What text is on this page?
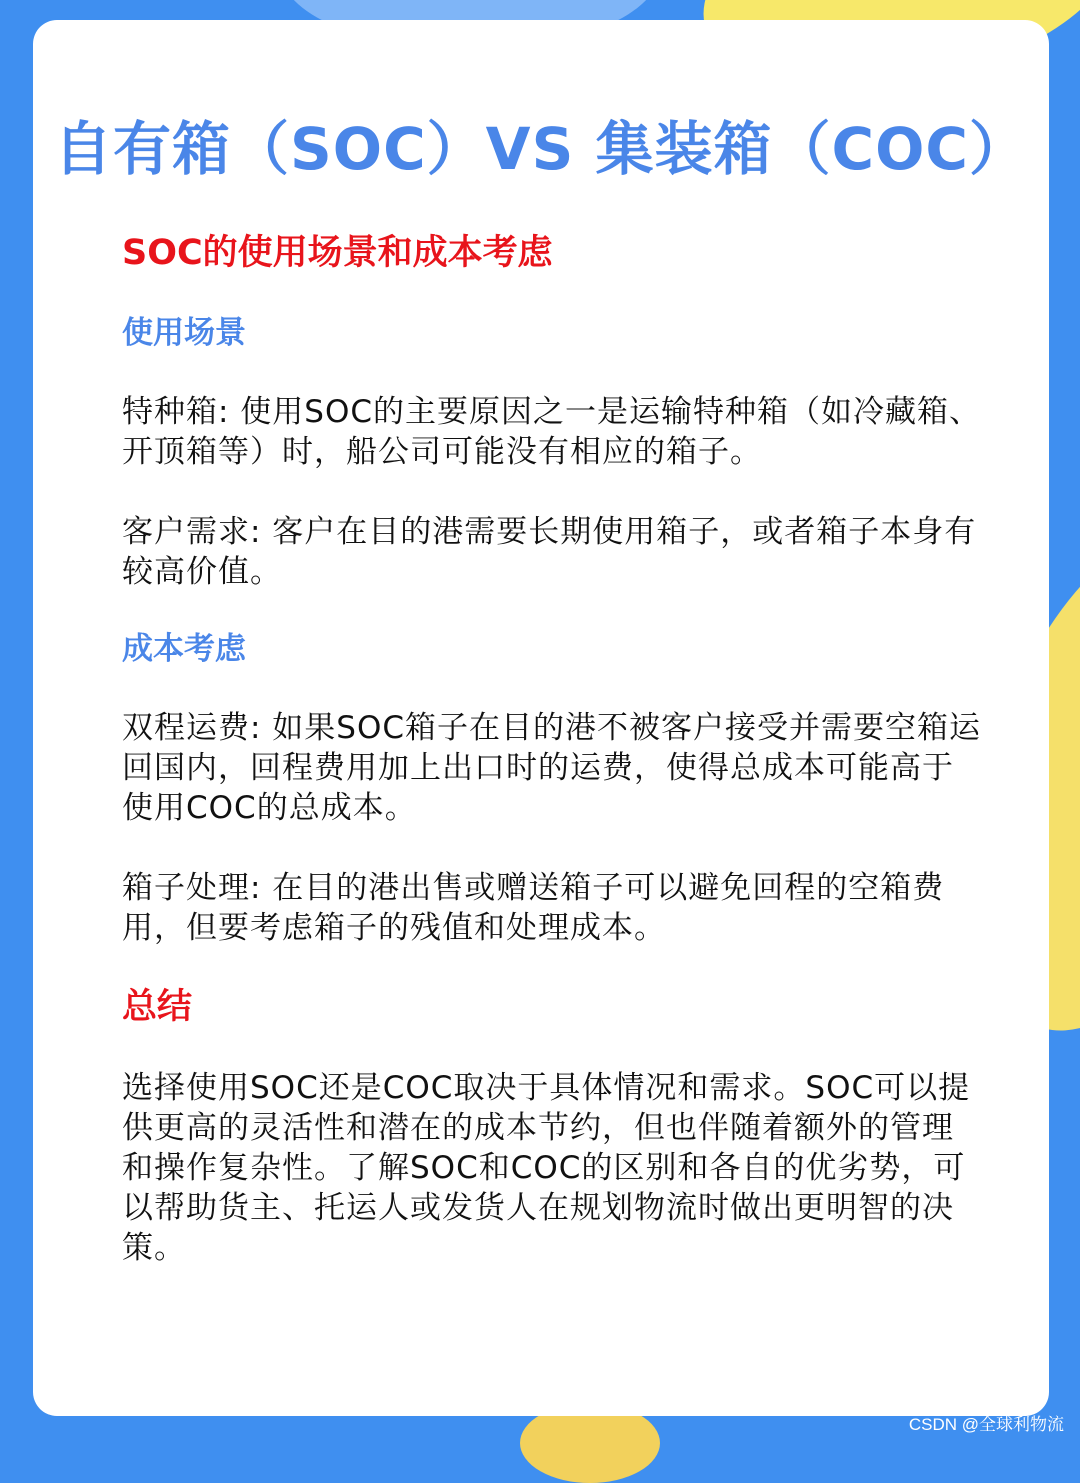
自有箱（SOC）VS 集装箱（COC）

SOC的使用场景和成本考虑

使用场景

特种箱: 使用SOC的主要原因之一是运输特种箱（如冷藏箱、开顶箱等）时，船公司可能没有相应的箱子。

客户需求: 客户在目的港需要长期使用箱子，或者箱子本身有较高价值。

成本考虑

双程运费: 如果SOC箱子在目的港不被客户接受并需要空箱运回国内，回程费用加上出口时的运费，使得总成本可能高于使用COC的总成本。

箱子处理: 在目的港出售或赠送箱子可以避免回程的空箱费用，但要考虑箱子的残值和处理成本。

总结

选择使用SOC还是COC取决于具体情况和需求。SOC可以提供更高的灵活性和潜在的成本节约，但也伴随着额外的管理和操作复杂性。了解SOC和COC的区别和各自的优劣势，可以帮助货主、托运人或发货人在规划物流时做出更明智的决策。

CSDN @全球利物流
